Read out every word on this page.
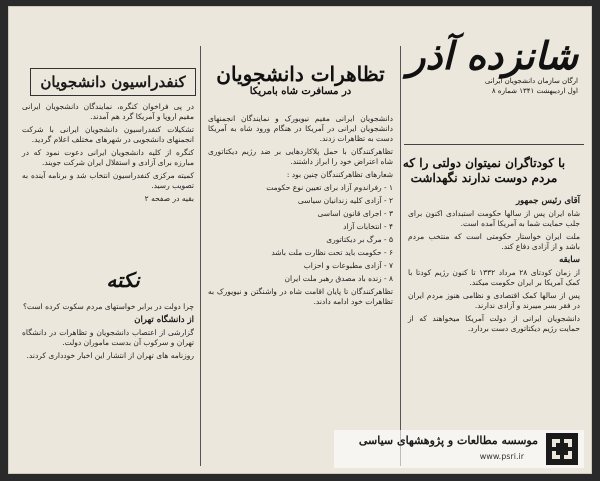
شانزده آذر
ارگان سازمان دانشجویان ایرانی
اول اردیبهشت ۱۳۴۱ شماره ۸
با کودتاگران نمیتوان دولتی را که مردم دوست ندارند نگهداشت

آقای رئیس جمهور

شاه ایران پس از سالها حکومت استبدادی اکنون برای جلب حمایت شما به آمریکا آمده است.

ملت ایران خواستار حکومتی است که منتخب مردم باشد و از آزادی دفاع کند.

سابقه

از زمان کودتای ۲۸ مرداد ۱۳۳۲ تا کنون رژیم کودتا با کمک آمریکا بر ایران حکومت میکند.

پس از سالها کمک اقتصادی و نظامی هنوز مردم ایران در فقر بسر میبرند و آزادی ندارند.

دانشجویان ایرانی از دولت آمریکا میخواهند که از حمایت رژیم دیکتاتوری دست بردارد.

تظاهرات دانشجویان
در مسافرت شاه بامریکا

دانشجویان ایرانی مقیم نیویورک و نمایندگان انجمنهای دانشجویان ایرانی در آمریکا در هنگام ورود شاه به آمریکا دست به تظاهرات زدند.

تظاهرکنندگان با حمل پلاکاردهایی بر ضد رژیم دیکتاتوری شاه اعتراض خود را ابراز داشتند.

شعارهای تظاهرکنندگان چنین بود :

۱ - رفراندوم آزاد برای تعیین نوع حکومت

۲ - آزادی کلیه زندانیان سیاسی

۳ - اجرای قانون اساسی

۴ - انتخابات آزاد

۵ - مرگ بر دیکتاتوری

۶ - حکومت باید تحت نظارت ملت باشد

۷ - آزادی مطبوعات و احزاب

۸ - زنده باد مصدق رهبر ملت ایران

تظاهرکنندگان تا پایان اقامت شاه در واشنگتن و نیویورک به تظاهرات خود ادامه دادند.

کنفدراسیون دانشجویان

در پی فراخوان کنگره، نمایندگان دانشجویان ایرانی مقیم اروپا و آمریکا گرد هم آمدند.

تشکیلات کنفدراسیون دانشجویان ایرانی با شرکت انجمنهای دانشجویی در شهرهای مختلف اعلام گردید.

کنگره از کلیه دانشجویان ایرانی دعوت نمود که در مبارزه برای آزادی و استقلال ایران شرکت جویند.

کمیته مرکزی کنفدراسیون انتخاب شد و برنامه آینده به تصویب رسید.

بقیه در صفحه ۲

نکته

چرا دولت در برابر خواستهای مردم سکوت کرده است؟

از دانشگاه تهران

گزارشی از اعتصاب دانشجویان و تظاهرات در دانشگاه تهران و سرکوب آن بدست ماموران دولت.

روزنامه های تهران از انتشار این اخبار خودداری کردند.

موسسه مطالعات و پژوهشهای سیاسی
www.psri.ir
